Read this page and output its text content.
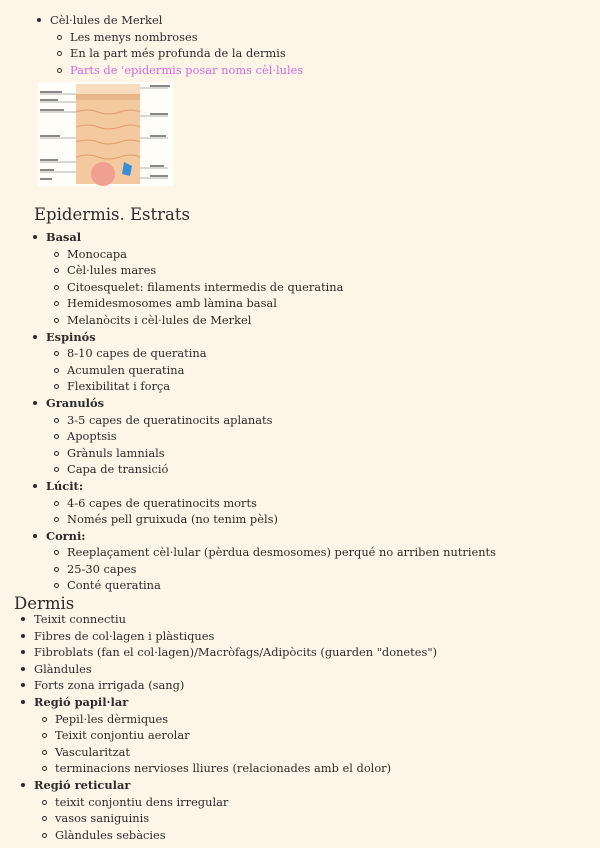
Cèl·lules de Merkel
Les menys nombroses
En la part més profunda de la dermis
Parts de 'epidermis posar noms cèl·lules
Epidermis. Estrats
Basal
Monocapa
Cèl·lules mares
Citoesquelet: filaments intermedis de queratina
Hemidesmosomes amb làmina basal
Melanòcits i cèl·lules de Merkel
Espinós
8-10 capes de queratina
Acumulen queratina
Flexibilitat i força
Granulós
3-5 capes de queratinocits aplanats
Apoptsis
Grànuls lamnials
Capa de transició
Lúcit:
4-6 capes de queratinocits morts
Només pell gruixuda (no tenim pèls)
Corni:
Reeplaçament cèl·lular (pèrdua desmosomes) perqué no arriben nutrients
25-30 capes
Conté queratina
Dermis
Teixit connectiu
Fibres de col·lagen i plàstiques
Fibroblats (fan el col·lagen)/Macròfags/Adipòcits (guarden "donetes")
Glàndules
Forts zona irrigada (sang)
Regió papil·lar
Pepil·les dèrmiques
Teixit conjontiu aerolar
Vascularitzat
terminacions nervioses lliures (relacionades amb el dolor)
Regió reticular
teixit conjontiu dens irregular
vasos saniguinis
Glàndules sebàcies
